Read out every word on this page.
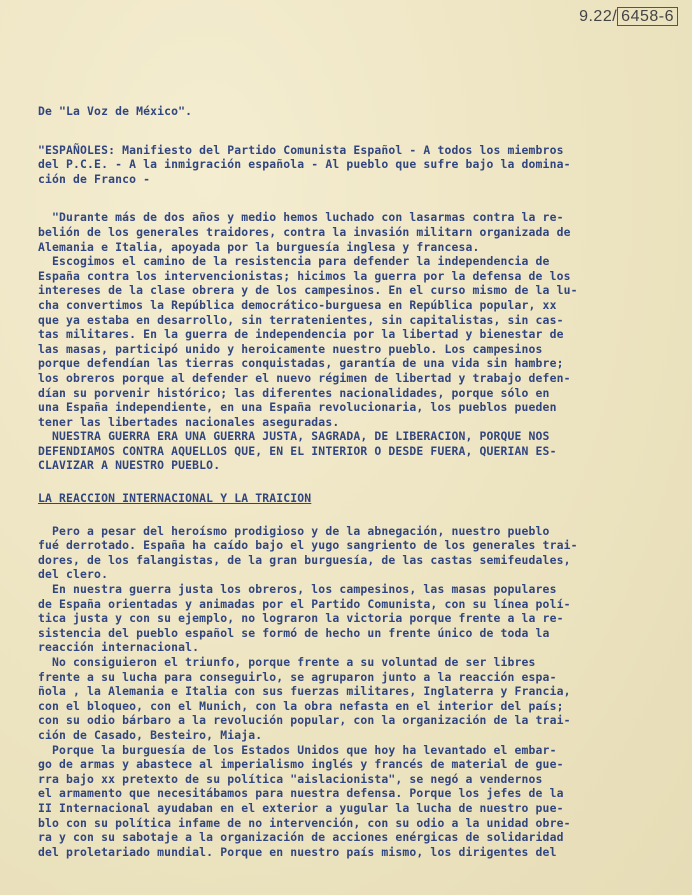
9.22/ 6458-6
De "La Voz de México".
"ESPAÑOLES: Manifiesto del Partido Comunista Español - A todos los miembros
del P.C.E. - A la inmigración española - Al pueblo que sufre bajo la domina-
ción de Franco -
"Durante más de dos años y medio hemos luchado con lasarmas contra la re-
belión de los generales traidores, contra la invasión militarn organizada de
Alemania e Italia, apoyada por la burguesía inglesa y francesa.
Escogimos el camino de la resistencia para defender la independencia de
España contra los intervencionistas; hicimos la guerra por la defensa de los
intereses de la clase obrera y de los campesinos. En el curso mismo de la lu-
cha convertimos la República democrático-burguesa en República popular, xx
que ya estaba en desarrollo, sin terratenientes, sin capitalistas, sin cas-
tas militares. En la guerra de independencia por la libertad y bienestar de
las masas, participó unido y heroicamente nuestro pueblo. Los campesinos
porque defendían las tierras conquistadas, garantía de una vida sin hambre;
los obreros porque al defender el nuevo régimen de libertad y trabajo defen-
dían su porvenir histórico; las diferentes nacionalidades, porque sólo en
una España independiente, en una España revolucionaria, los pueblos pueden
tener las libertades nacionales aseguradas.
NUESTRA GUERRA ERA UNA GUERRA JUSTA, SAGRADA, DE LIBERACION, PORQUE NOS
DEFENDIAMOS CONTRA AQUELLOS QUE, EN EL INTERIOR O DESDE FUERA, QUERIAN ES-
CLAVIZAR A NUESTRO PUEBLO.
LA REACCION INTERNACIONAL Y LA TRAICION
Pero a pesar del heroísmo prodigioso y de la abnegación, nuestro pueblo
fué derrotado. España ha caído bajo el yugo sangriento de los generales trai-
dores, de los falangistas, de la gran burguesía, de las castas semifeudales,
del clero.
En nuestra guerra justa los obreros, los campesinos, las masas populares
de España orientadas y animadas por el Partido Comunista, con su línea polí-
tica justa y con su ejemplo, no lograron la victoria porque frente a la re-
sistencia del pueblo español se formó de hecho un frente único de toda la
reacción internacional.
No consiguieron el triunfo, porque frente a su voluntad de ser libres
frente a su lucha para conseguirlo, se agruparon junto a la reacción espa-
ñola , la Alemania e Italia con sus fuerzas militares, Inglaterra y Francia,
con el bloqueo, con el Munich, con la obra nefasta en el interior del país;
con su odio bárbaro a la revolución popular, con la organización de la trai-
ción de Casado, Besteiro, Miaja.
Porque la burguesía de los Estados Unidos que hoy ha levantado el embar-
go de armas y abastece al imperialismo inglés y francés de material de gue-
rra bajo xx pretexto de su política "aislacionista", se negó a vendernos
el armamento que necesitábamos para nuestra defensa. Porque los jefes de la
II Internacional ayudaban en el exterior a yugular la lucha de nuestro pue-
blo con su política infame de no intervención, con su odio a la unidad obre-
ra y con su sabotaje a la organización de acciones enérgicas de solidaridad
del proletariado mundial. Porque en nuestro país mismo, los dirigentes del
